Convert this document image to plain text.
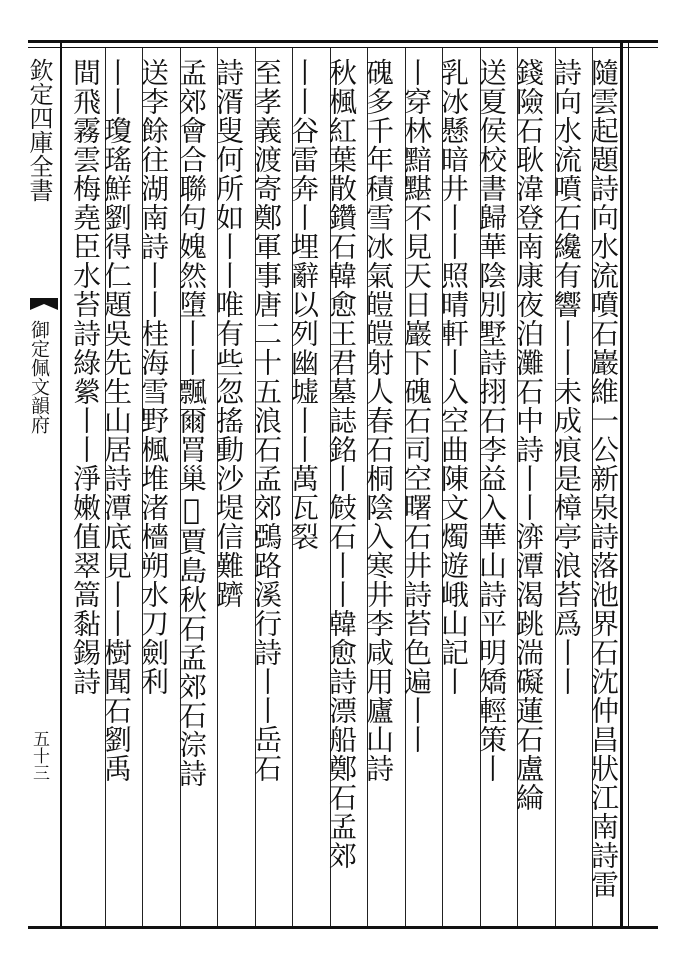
欽定四庫全書
御定佩文韻府
五十三	隨雲起題詩向水流噴石巖維一公新泉詩落池界石沈仲昌狀江南詩雷
詩向水流噴石纔有響丨丨未成痕是樟亭浪苔爲丨丨
錢險石耿湋登南康夜泊灘石中詩丨丨㴒潭渴跳湍礙蓮石盧綸
送夏侯校書歸華陰別墅詩挧石李益入華山詩平明矯輕策丨
乳冰懸暗井丨丨照晴軒丨入空曲陳文燭遊峨山記丨
丨穿林黯黮不見天日巖下磈石司空曙石井詩苔色遍丨丨
磈多千年積雪冰氣皚皚射人春石桐陰入寒井李咸用廬山詩
秋楓紅葉散鑽石韓愈王君墓誌銘丨㩻石丨丨韓愈詩漂船鄭石孟郊
丨丨谷雷奔丨埋辭以列幽墟丨丨萬瓦裂
至孝義渡寄鄭軍事唐二十五浪石孟郊鵶路溪行詩丨丨岳石
詩湑叟何所如丨丨唯有些忽搖動沙堤信難躋
孟郊會合聯句媿然墮丨丨飄爾罥巢𣞊賈島秋石孟郊石淙詩
送李餘往湖南詩丨丨桂海雪野楓堆渚檣朔水刀劍利
丨丨瓊瑤鮮劉得仁題吳先生山居詩潭底見丨丨樹聞石劉禹
間飛霧雲梅堯臣水苔詩綠縈丨丨淨嫩值翠篙黏錫詩
